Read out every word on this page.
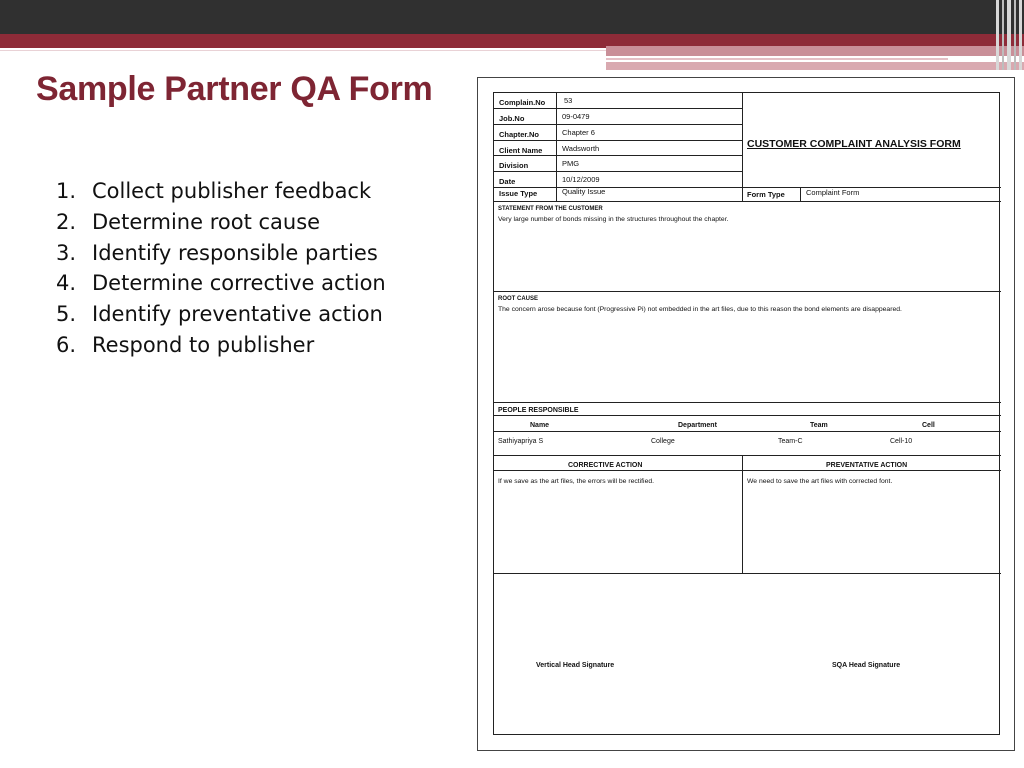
Sample Partner QA Form
1. Collect publisher feedback
2. Determine root cause
3. Identify responsible parties
4. Determine corrective action
5. Identify preventative action
6. Respond to publisher
Complain.No	53
Job.No	09-0479
Chapter.No	Chapter 6
Client Name	Wadsworth
Division	PMG
Date	10/12/2009
Issue Type	Quality Issue
CUSTOMER COMPLAINT ANALYSIS FORM
Form Type	Complaint Form
STATEMENT FROM THE CUSTOMER
Very large number of bonds missing in the structures throughout the chapter.
ROOT CAUSE
The concern arose because font (Progressive Pi) not embedded in the art files, due to this reason the bond elements are disappeared.
PEOPLE RESPONSIBLE
Name	Department	Team	Cell
Sathiyapriya S	College	Team-C	Cell-10
CORRECTIVE ACTION	PREVENTATIVE ACTION
If we save as the art files, the errors will be rectified.	We need to save the art files with corrected font.
Vertical Head Signature	SQA Head Signature
